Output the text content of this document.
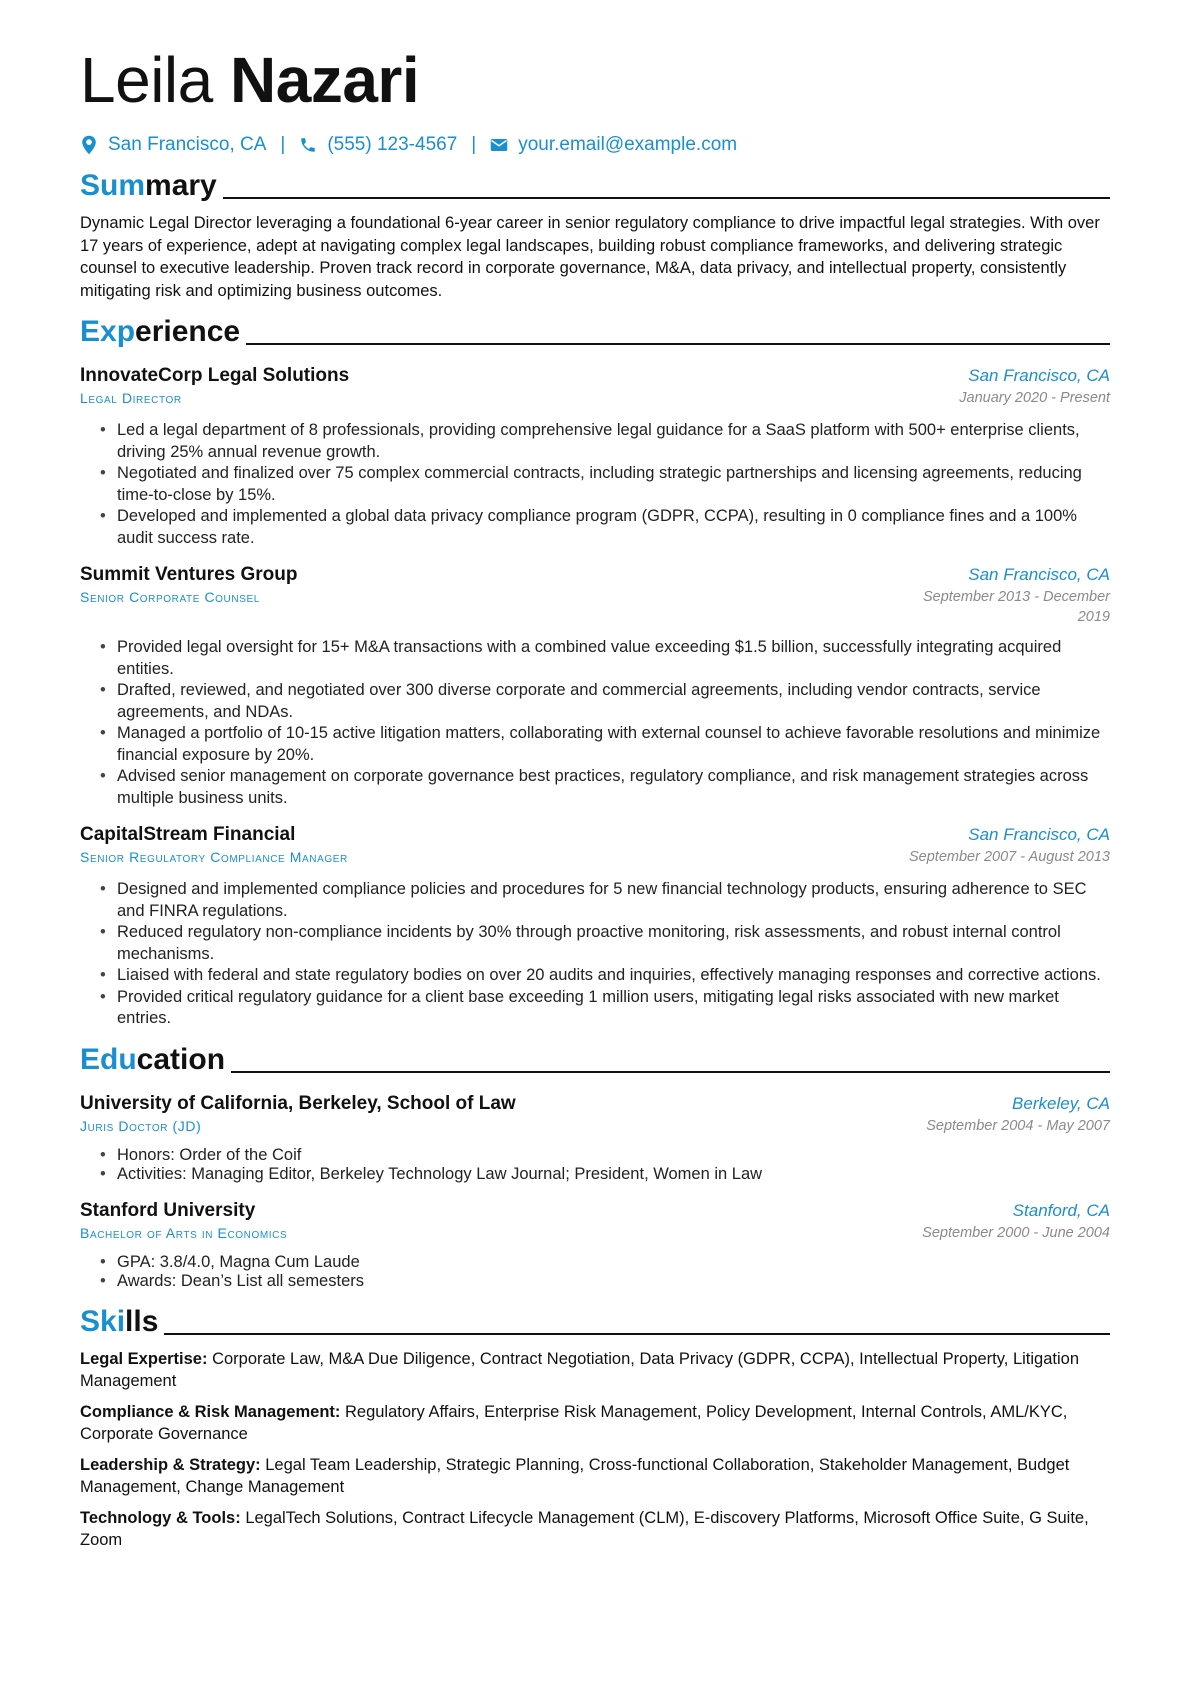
Leila Nazari
San Francisco, CA | (555) 123-4567 | your.email@example.com
Summary

Dynamic Legal Director leveraging a foundational 6-year career in senior regulatory compliance to drive impactful legal strategies. With over 17 years of experience, adept at navigating complex legal landscapes, building robust compliance frameworks, and delivering strategic counsel to executive leadership. Proven track record in corporate governance, M&A, data privacy, and intellectual property, consistently mitigating risk and optimizing business outcomes.

Experience
InnovateCorp Legal Solutions
Legal Director
San Francisco, CA
January 2020 - Present
• Led a legal department of 8 professionals, providing comprehensive legal guidance for a SaaS platform with 500+ enterprise clients, driving 25% annual revenue growth.
• Negotiated and finalized over 75 complex commercial contracts, including strategic partnerships and licensing agreements, reducing time-to-close by 15%.
• Developed and implemented a global data privacy compliance program (GDPR, CCPA), resulting in 0 compliance fines and a 100% audit success rate.
Summit Ventures Group
Senior Corporate Counsel
San Francisco, CA
September 2013 - December 2019
• Provided legal oversight for 15+ M&A transactions with a combined value exceeding $1.5 billion, successfully integrating acquired entities.
• Drafted, reviewed, and negotiated over 300 diverse corporate and commercial agreements, including vendor contracts, service agreements, and NDAs.
• Managed a portfolio of 10-15 active litigation matters, collaborating with external counsel to achieve favorable resolutions and minimize financial exposure by 20%.
• Advised senior management on corporate governance best practices, regulatory compliance, and risk management strategies across multiple business units.
CapitalStream Financial
Senior Regulatory Compliance Manager
San Francisco, CA
September 2007 - August 2013
• Designed and implemented compliance policies and procedures for 5 new financial technology products, ensuring adherence to SEC and FINRA regulations.
• Reduced regulatory non-compliance incidents by 30% through proactive monitoring, risk assessments, and robust internal control mechanisms.
• Liaised with federal and state regulatory bodies on over 20 audits and inquiries, effectively managing responses and corrective actions.
• Provided critical regulatory guidance for a client base exceeding 1 million users, mitigating legal risks associated with new market entries.
Education
University of California, Berkeley, School of Law
Juris Doctor (JD)
Berkeley, CA
September 2004 - May 2007
• Honors: Order of the Coif
• Activities: Managing Editor, Berkeley Technology Law Journal; President, Women in Law
Stanford University
Bachelor of Arts in Economics
Stanford, CA
September 2000 - June 2004
• GPA: 3.8/4.0, Magna Cum Laude
• Awards: Dean’s List all semesters
Skills
Legal Expertise: Corporate Law, M&A Due Diligence, Contract Negotiation, Data Privacy (GDPR, CCPA), Intellectual Property, Litigation Management
Compliance & Risk Management: Regulatory Affairs, Enterprise Risk Management, Policy Development, Internal Controls, AML/KYC, Corporate Governance
Leadership & Strategy: Legal Team Leadership, Strategic Planning, Cross-functional Collaboration, Stakeholder Management, Budget Management, Change Management
Technology & Tools: LegalTech Solutions, Contract Lifecycle Management (CLM), E-discovery Platforms, Microsoft Office Suite, G Suite, Zoom
